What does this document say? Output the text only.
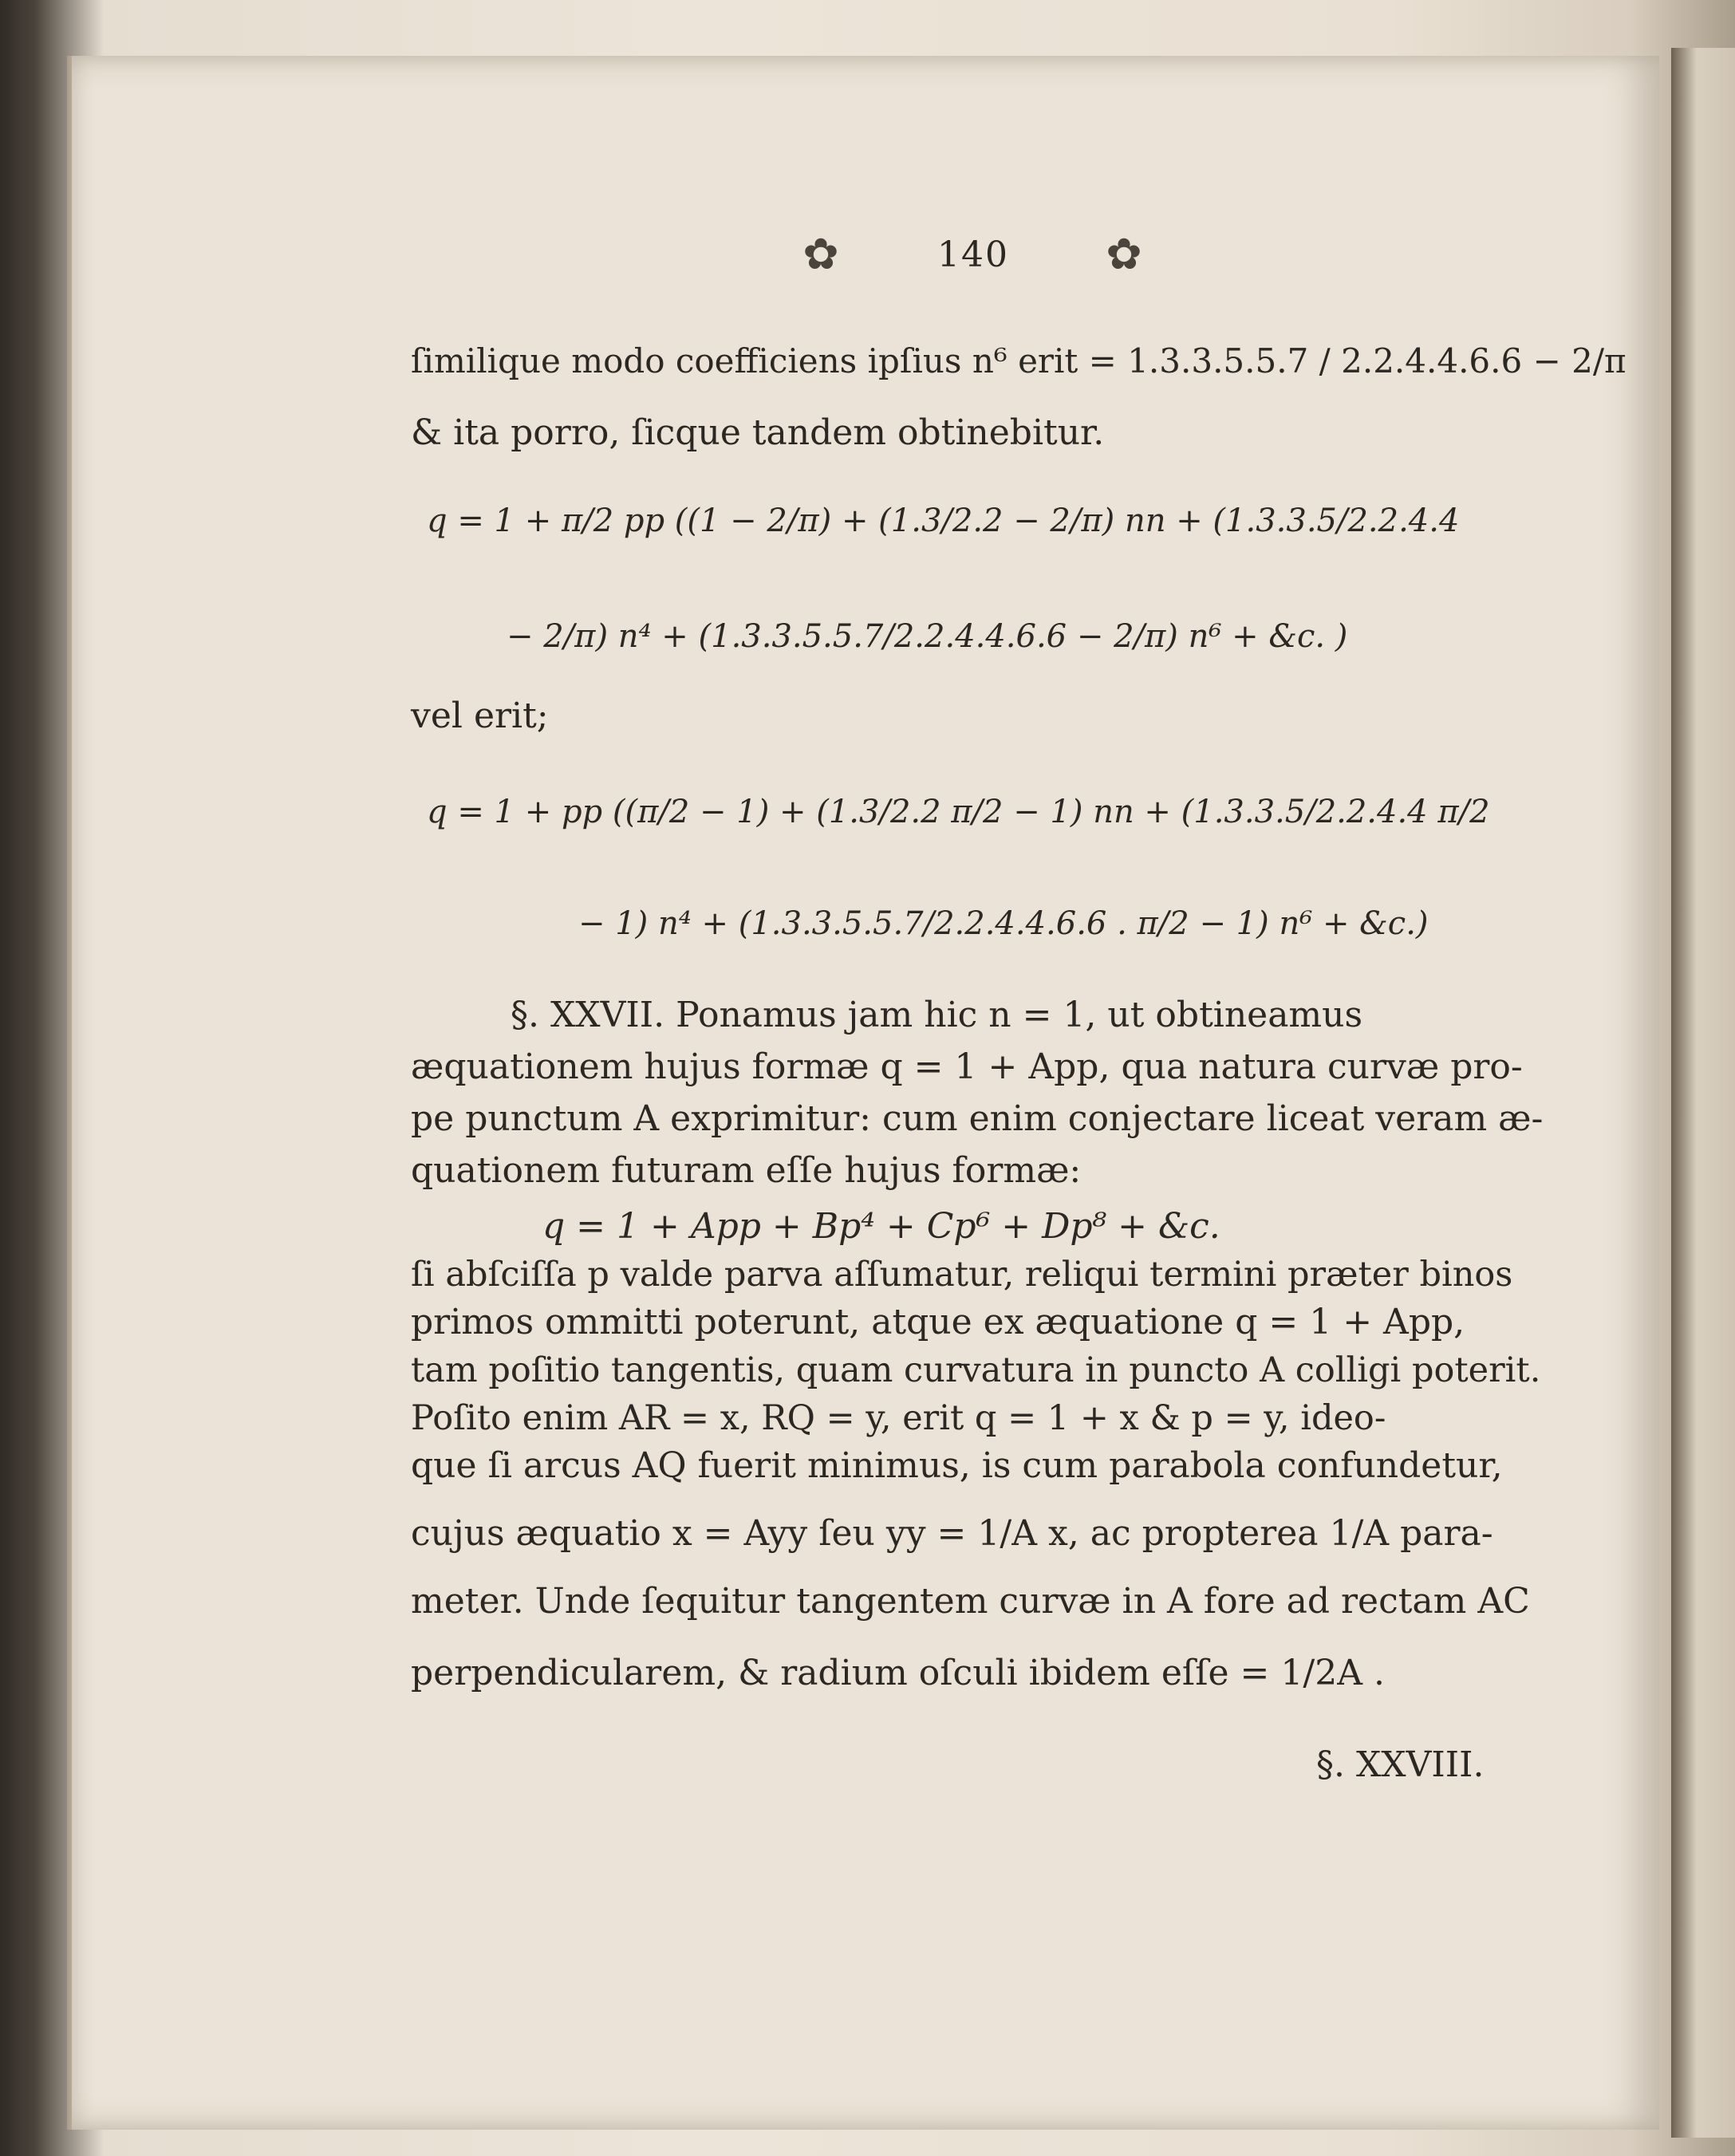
✿	140	✿
ſimilique modo coefficiens ipſius n⁶ erit = 1.3.3.5.5.7 / 2.2.4.4.6.6 − 2/π
& ita porro, ſicque tandem obtinebitur.
q = 1 + π/2 pp ((1 − 2/π) + (1.3/2.2 − 2/π) nn + (1.3.3.5/2.2.4.4
− 2/π) n⁴ + (1.3.3.5.5.7/2.2.4.4.6.6 − 2/π) n⁶ + &c. )
vel erit;
q = 1 + pp ((π/2 − 1) + (1.3/2.2 π/2 − 1) nn + (1.3.3.5/2.2.4.4 π/2
− 1) n⁴ + (1.3.3.5.5.7/2.2.4.4.6.6 . π/2 − 1) n⁶ + &c.)
§. XXVII. Ponamus jam hic n = 1, ut obtineamus
æquationem hujus formæ q = 1 + App, qua natura curvæ pro-
pe punctum A exprimitur: cum enim conjectare liceat veram æ-
quationem futuram eſſe hujus formæ:
q = 1 + App + Bp⁴ + Cp⁶ + Dp⁸ + &c.
ſi abſciſſa p valde parva aſſumatur, reliqui termini præter binos
primos ommitti poterunt, atque ex æquatione q = 1 + App,
tam poſitio tangentis, quam curvatura in puncto A colligi poterit.
Poſito enim AR = x, RQ = y, erit q = 1 + x & p = y, ideo-
que ſi arcus AQ fuerit minimus, is cum parabola confundetur,
cujus æquatio x = Ayy ſeu yy = 1/A x, ac propterea 1/A para-
meter. Unde ſequitur tangentem curvæ in A fore ad rectam AC
perpendicularem, & radium oſculi ibidem eſſe = 1/2A .
§. XXVIII.
